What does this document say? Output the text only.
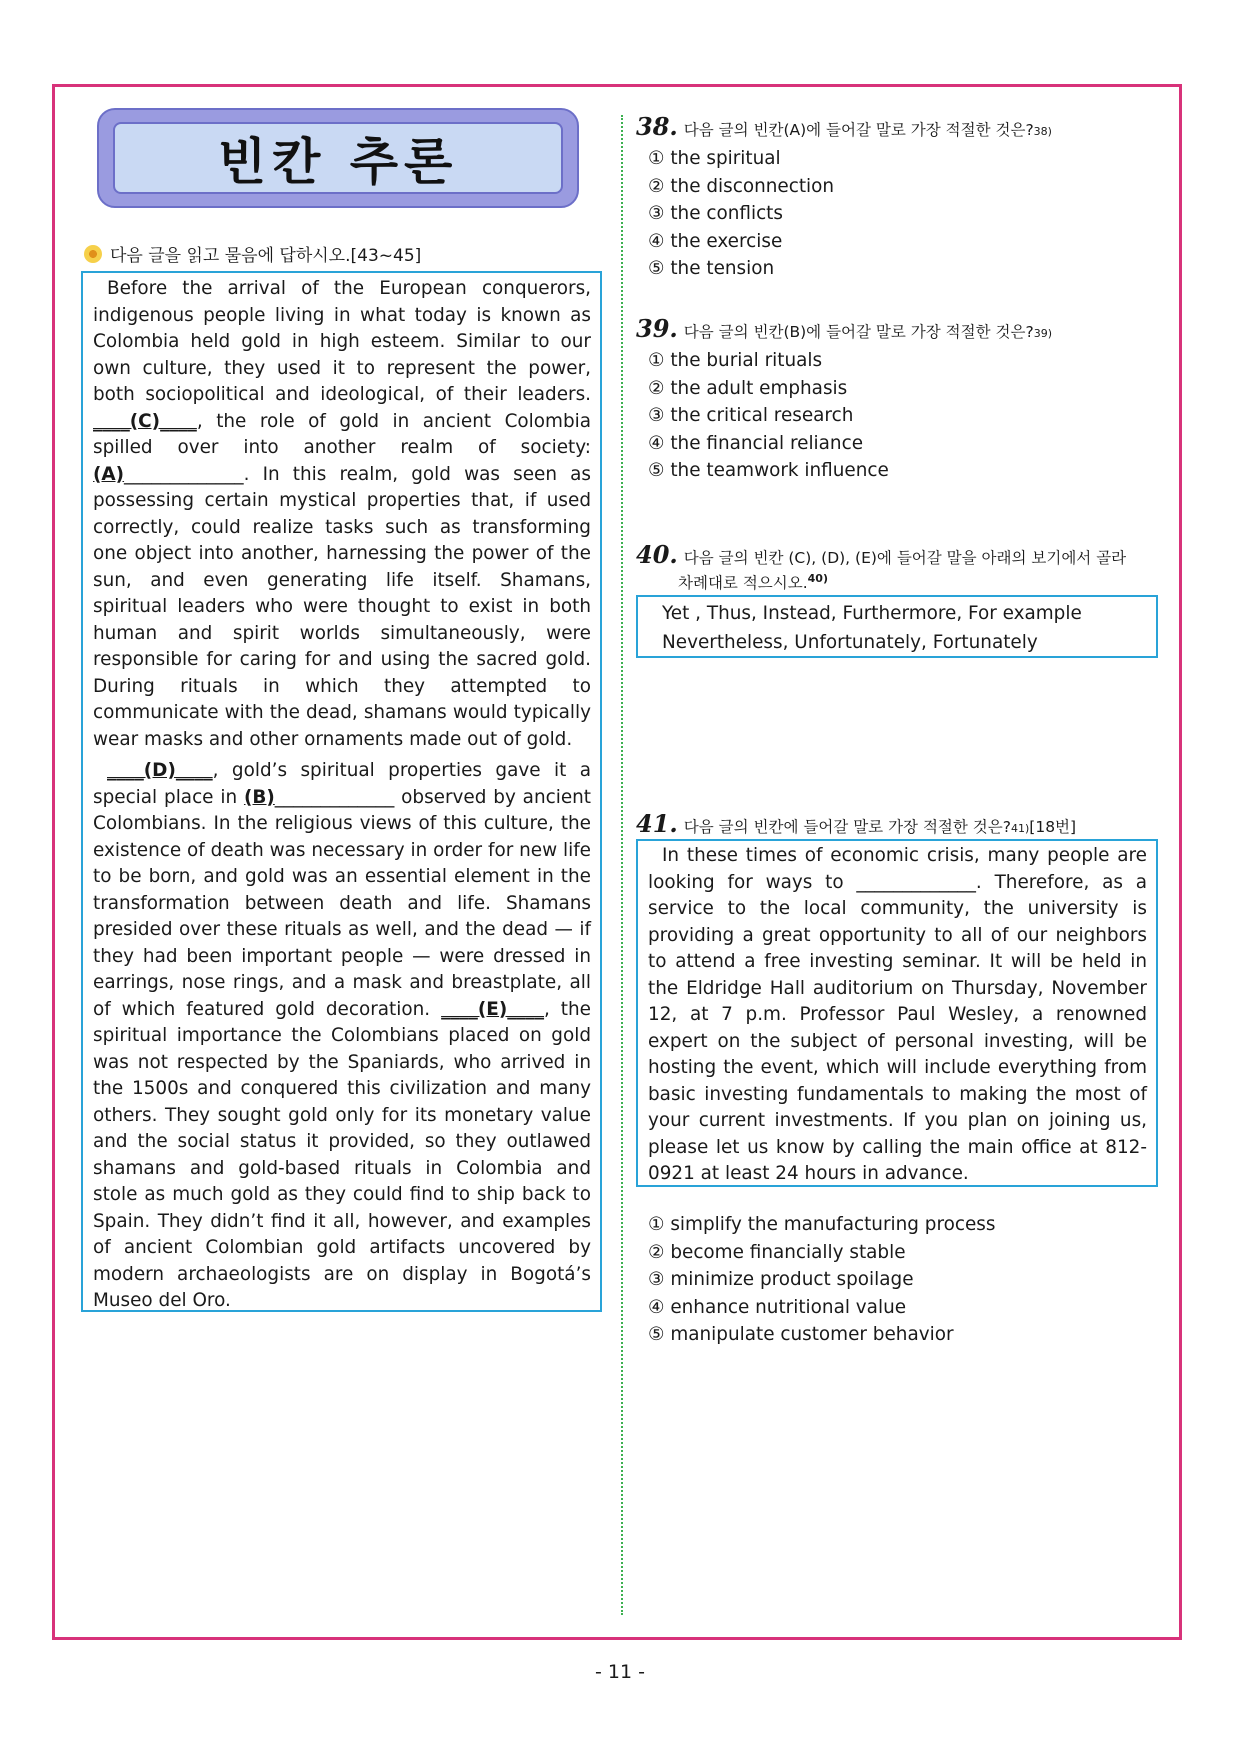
빈칸 추론
다음 글을 읽고 물음에 답하시오.[43~45]

Before the arrival of the European conquerors, indigenous people living in what today is known as Colombia held gold in high esteem. Similar to our own culture, they used it to represent the power, both sociopolitical and ideological, of their leaders. ____(C)____, the role of gold in ancient Colombia spilled over into another realm of society: (A)_____________. In this realm, gold was seen as possessing certain mystical properties that, if used correctly, could realize tasks such as transforming one object into another, harnessing the power of the sun, and even generating life itself. Shamans, spiritual leaders who were thought to exist in both human and spirit worlds simultaneously, were responsible for caring for and using the sacred gold. During rituals in which they attempted to communicate with the dead, shamans would typically wear masks and other ornaments made out of gold.

____(D)____, gold’s spiritual properties gave it a special place in (B)_____________ observed by ancient Colombians. In the religious views of this culture, the existence of death was necessary in order for new life to be born, and gold was an essential element in the transformation between death and life. Shamans presided over these rituals as well, and the dead — if they had been important people — were dressed in earrings, nose rings, and a mask and breastplate, all of which featured gold decoration. ____(E)____, the spiritual importance the Colombians placed on gold was not respected by the Spaniards, who arrived in the 1500s and conquered this civilization and many others. They sought gold only for its monetary value and the social status it provided, so they outlawed shamans and gold-based rituals in Colombia and stole as much gold as they could find to ship back to Spain. They didn’t find it all, however, and examples of ancient Colombian gold artifacts uncovered by modern archaeologists are on display in Bogotá’s Museo del Oro.

38. 다음 글의 빈칸(A)에 들어갈 말로 가장 적절한 것은? 38)
① the spiritual
② the disconnection
③ the conflicts
④ the exercise
⑤ the tension
39. 다음 글의 빈칸(B)에 들어갈 말로 가장 적절한 것은? 39)
① the burial rituals
② the adult emphasis
③ the critical research
④ the financial reliance
⑤ the teamwork influence
40. 다음 글의 빈칸 (C), (D), (E)에 들어갈 말을 아래의 보기에서 골라
차례대로 적으시오.$^{40)}$
Yet , Thus, Instead, Furthermore, For example
Nevertheless, Unfortunately, Fortunately
41. 다음 글의 빈칸에 들어갈 말로 가장 적절한 것은? 41) [18번]
In these times of economic crisis, many people are looking for ways to _____________. Therefore, as a service to the local community, the university is providing a great opportunity to all of our neighbors to attend a free investing seminar. It will be held in the Eldridge Hall auditorium on Thursday, November 12, at 7 p.m. Professor Paul Wesley, a renowned expert on the subject of personal investing, will be hosting the event, which will include everything from basic investing fundamentals to making the most of your current investments. If you plan on joining us, please let us know by calling the main office at 812-0921 at least 24 hours in advance.
① simplify the manufacturing process
② become financially stable
③ minimize product spoilage
④ enhance nutritional value
⑤ manipulate customer behavior
- 11 -
